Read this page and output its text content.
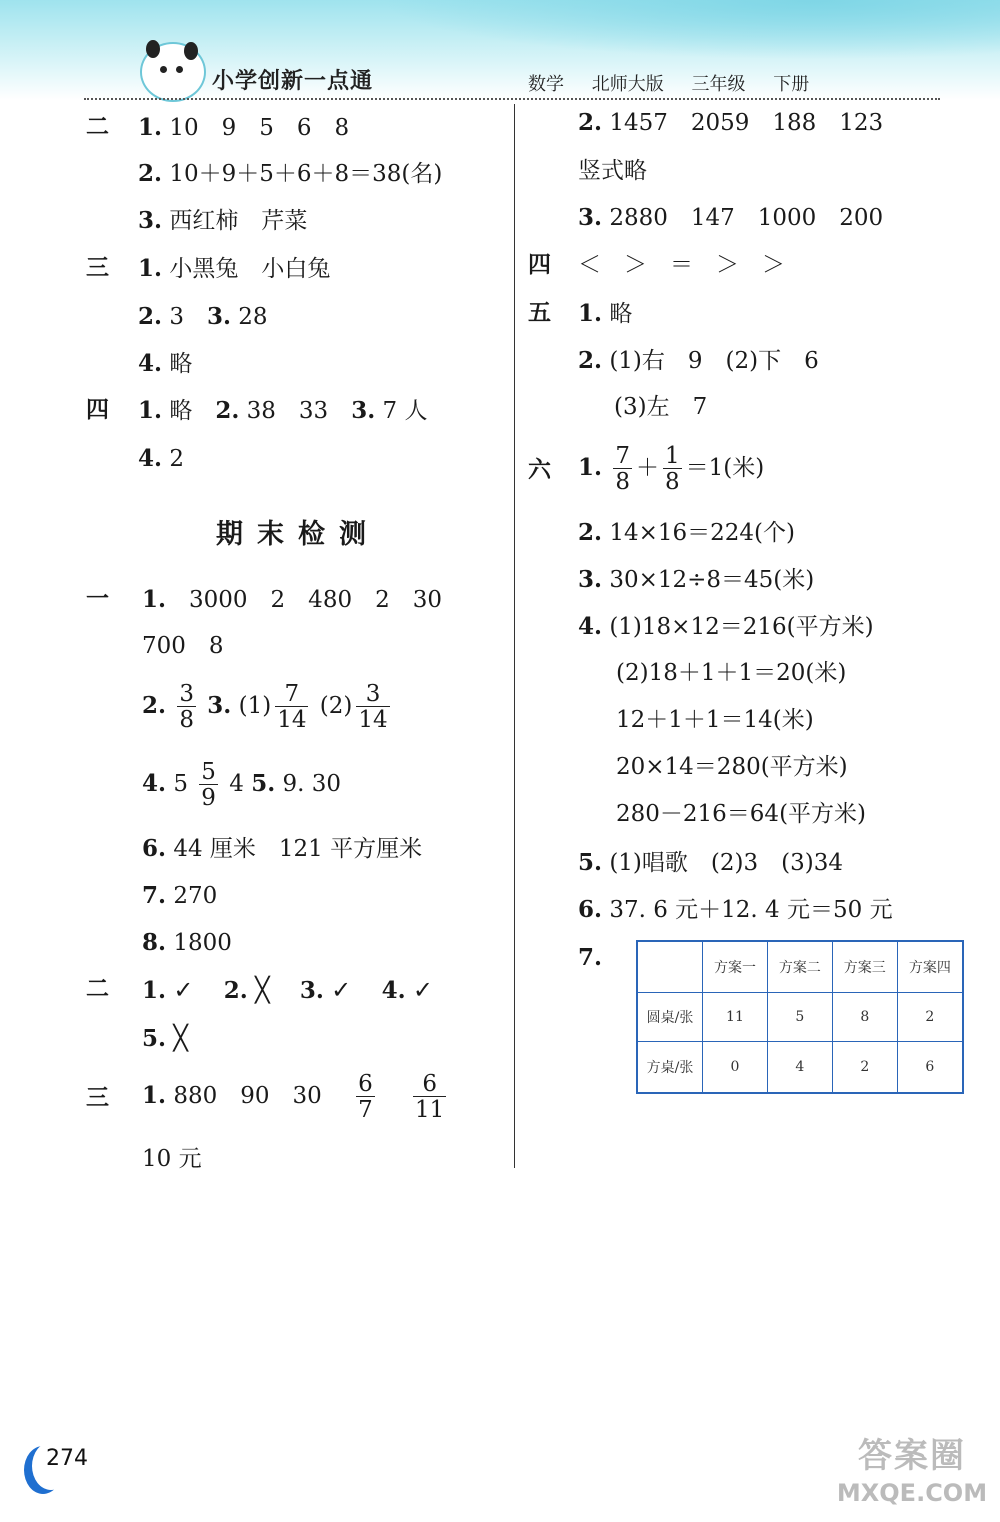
小学创新一点通	数学 北师大版 三年级 下册
二 1. 10　9　5　6　8
2. 10＋9＋5＋6＋8＝38(名)
3. 西红柿　芹菜
三 1. 小黑兔　小白兔
2. 3　 3. 28
4. 略
四 1. 略　 2. 38　33　 3. 7 人
4. 2
期末检测
一 1.　 3000　2　480　2　30
700　8
2. $\frac{3}{8} 3$. $(1) \frac{7}{14} (2) \frac{3}{14}$
4. $5 \frac{5}{9} 4$ 5. 9. 30
6. 44 厘米　121 平方厘米
7. 270
8. 1800
二 1. ✓　 2. ╳　 3. ✓　 4. ✓
5. ╳
三 1. 880　90　30　 $\frac{6}{7}$
　 $\frac{6}{11}$
10 元
2. 1457　2059　188　123
竖式略
3. 2880　147　1000　200
四 ＜　＞　＝　＞　＞
五 1. 略
2. (1)右　9　(2)下　6
(3)左　7
六 1. $\frac{7}{8} + \frac{1}{8} =1$(米)
2. 14×16＝224(个)
3. 30×12÷8＝45(米)
4. (1)18×12＝216(平方米)
(2)18＋1＋1＝20(米)
12＋1＋1＝14(米)
20×14＝280(平方米)
280－216＝64(平方米)
5. (1)唱歌　(2)3　(3)34
6. 37. 6 元＋12. 4 元＝50 元
7.
		方案一	方案二	方案三	方案四
圆桌/张	11	5	8	2
方桌/张	0	4	2	6
274	答案圈
MXQE.COM
